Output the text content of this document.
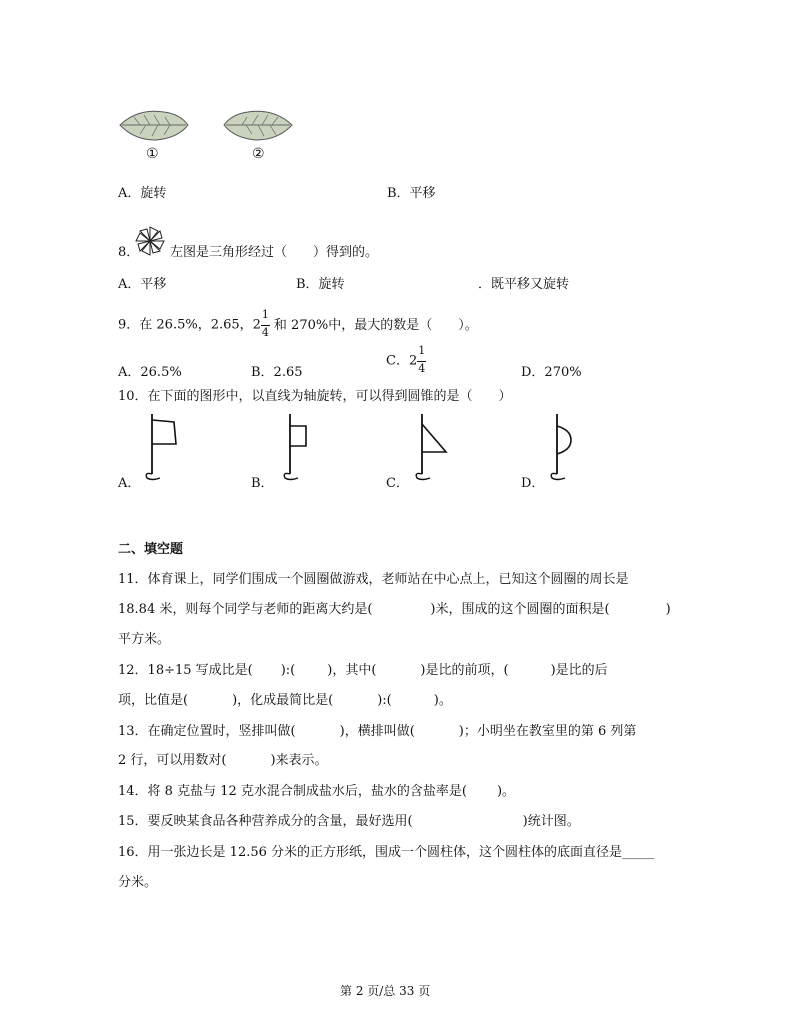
①	②
A．旋转	B．平移
8． 左图是三角形经过（　　）得到的。
A．平移	B．旋转	．既平移又旋转
9．在 26.5%，2.65，$2 \frac{1}{4}$ 和 270%中，最大的数是（　　）。
A．26.5%	B．2.65
C．$2 \frac{1}{4}$	D．270%
10．在下面的图形中，以直线为轴旋转，可以得到圆锥的是（　　）
A．	B．	C．	D．
二、填空题
11．体育课上，同学们围成一个圆圈做游戏，老师站在中心点上，已知这个圆圈的周长是
18.84 米，则每个同学与老师的距离大约是(	)米，围成的这个圆圈的面积是(	)
平方米。
12．18÷15 写成比是( ):( )，其中(	)是比的前项，(	)是比的后
项，比值是(	)，化成最简比是(	):(	)。
13．在确定位置时，竖排叫做(	)，横排叫做(	)；小明坐在教室里的第 6 列第
2 行，可以用数对(	)来表示。
14．将 8 克盐与 12 克水混合制成盐水后，盐水的含盐率是( )。
15．要反映某食品各种营养成分的含量，最好选用(	)统计图。
16．用一张边长是 12.56 分米的正方形纸，围成一个圆柱体，这个圆柱体的底面直径是_____
分米。
第 2 页/总 33 页
